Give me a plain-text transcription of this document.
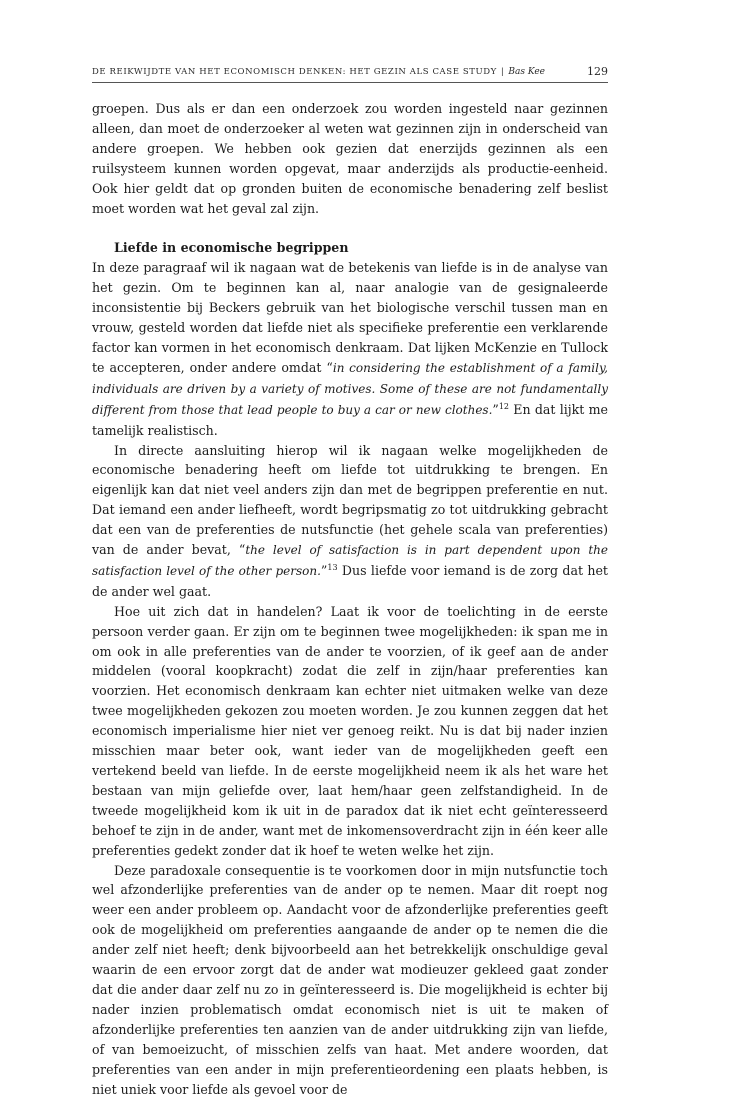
DE REIKWIJDTE VAN HET ECONOMISCH DENKEN: HET GEZIN ALS CASE STUDY | Bas Kee	129

groepen. Dus als er dan een onderzoek zou worden ingesteld naar gezinnen alleen, dan moet de onderzoeker al weten wat gezinnen zijn in onderscheid van andere groepen. We hebben ook gezien dat enerzijds gezinnen als een ruilsysteem kunnen worden opgevat, maar anderzijds als productie-eenheid. Ook hier geldt dat op gronden buiten de economische benadering zelf beslist moet worden wat het geval zal zijn.

Liefde in economische begrippen

In deze paragraaf wil ik nagaan wat de betekenis van liefde is in de analyse van het gezin. Om te beginnen kan al, naar analogie van de gesignaleerde inconsistentie bij Beckers gebruik van het biologische verschil tussen man en vrouw, gesteld worden dat liefde niet als specifieke preferentie een verklarende factor kan vormen in het economisch denkraam. Dat lijken McKenzie en Tullock te accepteren, onder andere omdat “in considering the establishment of a family, individuals are driven by a variety of motives. Some of these are not fundamentally different from those that lead people to buy a car or new clothes.”$^{12}$ En dat lijkt me tamelijk realistisch.

In directe aansluiting hierop wil ik nagaan welke mogelijkheden de economische benadering heeft om liefde tot uitdrukking te brengen. En eigenlijk kan dat niet veel anders zijn dan met de begrippen preferentie en nut. Dat iemand een ander liefheeft, wordt begripsmatig zo tot uitdrukking gebracht dat een van de preferenties de nutsfunctie (het gehele scala van preferenties) van de ander bevat, “the level of satisfaction is in part dependent upon the satisfaction level of the other person.”$^{13}$ Dus liefde voor iemand is de zorg dat het de ander wel gaat.

Hoe uit zich dat in handelen? Laat ik voor de toelichting in de eerste persoon verder gaan. Er zijn om te beginnen twee mogelijkheden: ik span me in om ook in alle preferenties van de ander te voorzien, of ik geef aan de ander middelen (vooral koopkracht) zodat die zelf in zijn/haar preferenties kan voorzien. Het economisch denkraam kan echter niet uitmaken welke van deze twee mogelijkheden gekozen zou moeten worden. Je zou kunnen zeggen dat het economisch imperialisme hier niet ver genoeg reikt. Nu is dat bij nader inzien misschien maar beter ook, want ieder van de mogelijkheden geeft een vertekend beeld van liefde. In de eerste mogelijkheid neem ik als het ware het bestaan van mijn geliefde over, laat hem/haar geen zelfstandigheid. In de tweede mogelijkheid kom ik uit in de paradox dat ik niet echt geïnteresseerd behoef te zijn in de ander, want met de inkomensoverdracht zijn in één keer alle preferenties gedekt zonder dat ik hoef te weten welke het zijn.

Deze paradoxale consequentie is te voorkomen door in mijn nutsfunctie toch wel afzonderlijke preferenties van de ander op te nemen. Maar dit roept nog weer een ander probleem op. Aandacht voor de afzonderlijke preferenties geeft ook de mogelijkheid om preferenties aangaande de ander op te nemen die die ander zelf niet heeft; denk bijvoorbeeld aan het betrekkelijk onschuldige geval waarin de een ervoor zorgt dat de ander wat modieuzer gekleed gaat zonder dat die ander daar zelf nu zo in geïnteresseerd is. Die mogelijkheid is echter bij nader inzien problematisch omdat economisch niet is uit te maken of afzonderlijke preferenties ten aanzien van de ander uitdrukking zijn van liefde, of van bemoeizucht, of misschien zelfs van haat. Met andere woorden, dat preferenties van een ander in mijn preferentieordening een plaats hebben, is niet uniek voor liefde als gevoel voor de
